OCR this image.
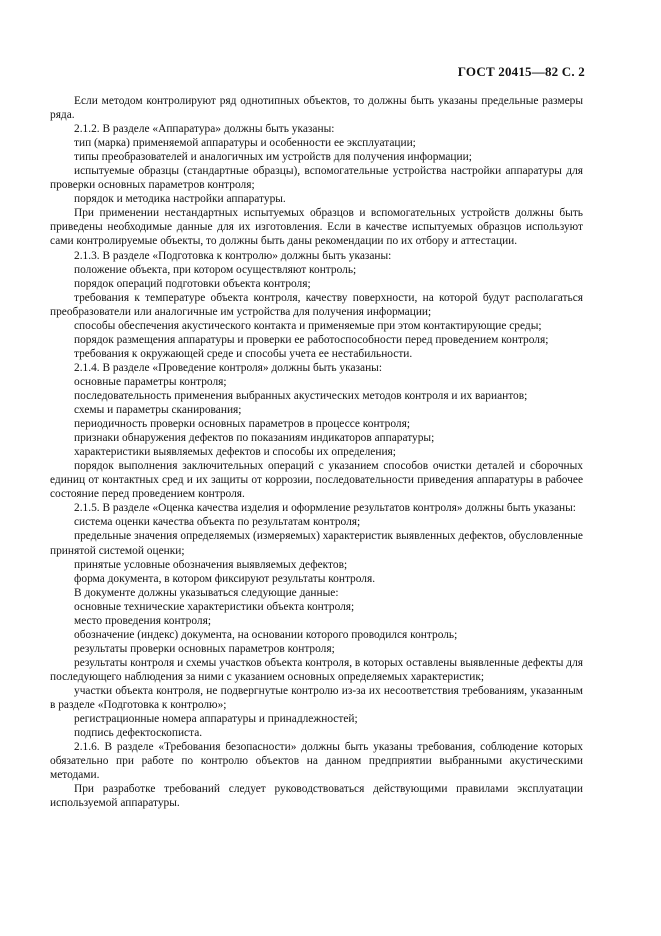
ГОСТ 20415—82 С. 2

Если методом контролируют ряд однотипных объектов, то должны быть указаны предельные размеры ряда.

2.1.2. В разделе «Аппаратура» должны быть указаны:

тип (марка) применяемой аппаратуры и особенности ее эксплуатации;

типы преобразователей и аналогичных им устройств для получения информации;

испытуемые образцы (стандартные образцы), вспомогательные устройства настройки аппаратуры для проверки основных параметров контроля;

порядок и методика настройки аппаратуры.

При применении нестандартных испытуемых образцов и вспомогательных устройств должны быть приведены необходимые данные для их изготовления. Если в качестве испытуемых образцов используют сами контролируемые объекты, то должны быть даны рекомендации по их отбору и аттестации.

2.1.3. В разделе «Подготовка к контролю» должны быть указаны:

положение объекта, при котором осуществляют контроль;

порядок операций подготовки объекта контроля;

требования к температуре объекта контроля, качеству поверхности, на которой будут располагаться преобразователи или аналогичные им устройства для получения информации;

способы обеспечения акустического контакта и применяемые при этом контактирующие среды;

порядок размещения аппаратуры и проверки ее работоспособности перед проведением контроля;

требования к окружающей среде и способы учета ее нестабильности.

2.1.4. В разделе «Проведение контроля» должны быть указаны:

основные параметры контроля;

последовательность применения выбранных акустических методов контроля и их вариантов;

схемы и параметры сканирования;

периодичность проверки основных параметров в процессе контроля;

признаки обнаружения дефектов по показаниям индикаторов аппаратуры;

характеристики выявляемых дефектов и способы их определения;

порядок выполнения заключительных операций с указанием способов очистки деталей и сборочных единиц от контактных сред и их защиты от коррозии, последовательности приведения аппаратуры в рабочее состояние перед проведением контроля.

2.1.5. В разделе «Оценка качества изделия и оформление результатов контроля» должны быть указаны:

система оценки качества объекта по результатам контроля;

предельные значения определяемых (измеряемых) характеристик выявленных дефектов, обусловленные принятой системой оценки;

принятые условные обозначения выявляемых дефектов;

форма документа, в котором фиксируют результаты контроля.

В документе должны указываться следующие данные:

основные технические характеристики объекта контроля;

место проведения контроля;

обозначение (индекс) документа, на основании которого проводился контроль;

результаты проверки основных параметров контроля;

результаты контроля и схемы участков объекта контроля, в которых оставлены выявленные дефекты для последующего наблюдения за ними с указанием основных определяемых характеристик;

участки объекта контроля, не подвергнутые контролю из-за их несоответствия требованиям, указанным в разделе «Подготовка к контролю»;

регистрационные номера аппаратуры и принадлежностей;

подпись дефектоскописта.

2.1.6. В разделе «Требования безопасности» должны быть указаны требования, соблюдение которых обязательно при работе по контролю объектов на данном предприятии выбранными акустическими методами.

При разработке требований следует руководствоваться действующими правилами эксплуатации используемой аппаратуры.
